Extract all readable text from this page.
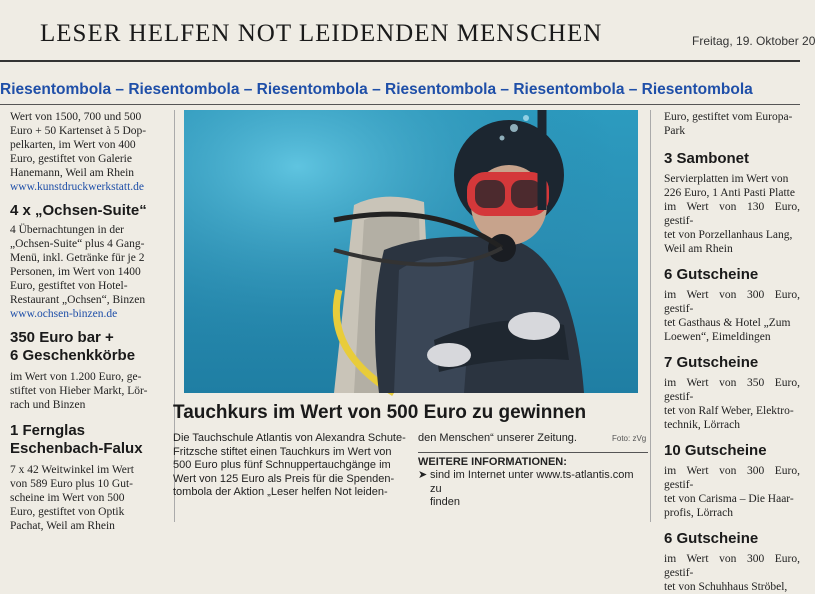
LESER HELFEN NOT LEIDENDEN MENSCHEN	Freitag, 19. Oktober 20
Riesentombola – Riesentombola – Riesentombola – Riesentombola – Riesentombola – Riesentombola

Wert von 1500, 700 und 500
Euro + 50 Kartenset à 5 Dop-
pelkarten, im Wert von 400
Euro, gestiftet von Galerie
Hanemann, Weil am Rhein

www.kunstdruckwerkstatt.de
4 x „Ochsen-Suite“

4 Übernachtungen in der
„Ochsen-Suite“ plus 4 Gang-
Menü, inkl. Getränke für je 2
Personen, im Wert von 1400
Euro, gestiftet von Hotel-
Restaurant „Ochsen“, Binzen

www.ochsen-binzen.de
350 Euro bar +
6 Geschenkkörbe

im Wert von 1.200 Euro, ge-
stiftet von Hieber Markt, Lör-
rach und Binzen

1 Fernglas
Eschenbach-Falux

7 x 42 Weitwinkel im Wert
von 589 Euro plus 10 Gut-
scheine im Wert von 500
Euro, gestiftet von Optik
Pachat, Weil am Rhein

Tauchkurs im Wert von 500 Euro zu gewinnen
Die Tauchschule Atlantis von Alexandra Schute-
Fritzsche stiftet einen Tauchkurs im Wert von
500 Euro plus fünf Schnuppertauchgänge im
Wert von 125 Euro als Preis für die Spenden-
tombola der Aktion „Leser helfen Not leiden-
den Menschen“ unserer Zeitung.	Foto: zVg
WEITERE INFORMATIONEN:
➤ sind im Internet unter www.ts-atlantis.com zu
finden

Euro, gestiftet vom Europa-
Park

3 Sambonet

Servierplatten im Wert von
226 Euro, 1 Anti Pasti Platte
im Wert von 130 Euro, gestif-
tet von Porzellanhaus Lang,
Weil am Rhein

6 Gutscheine

im Wert von 300 Euro, gestif-
tet Gasthaus & Hotel „Zum
Loewen“, Eimeldingen

7 Gutscheine

im Wert von 350 Euro, gestif-
tet von Ralf Weber, Elektro-
technik, Lörrach

10 Gutscheine

im Wert von 300 Euro, gestif-
tet von Carisma – Die Haar-
profis, Lörrach

6 Gutscheine

im Wert von 300 Euro, gestif-
tet von Schuhhaus Ströbel,
